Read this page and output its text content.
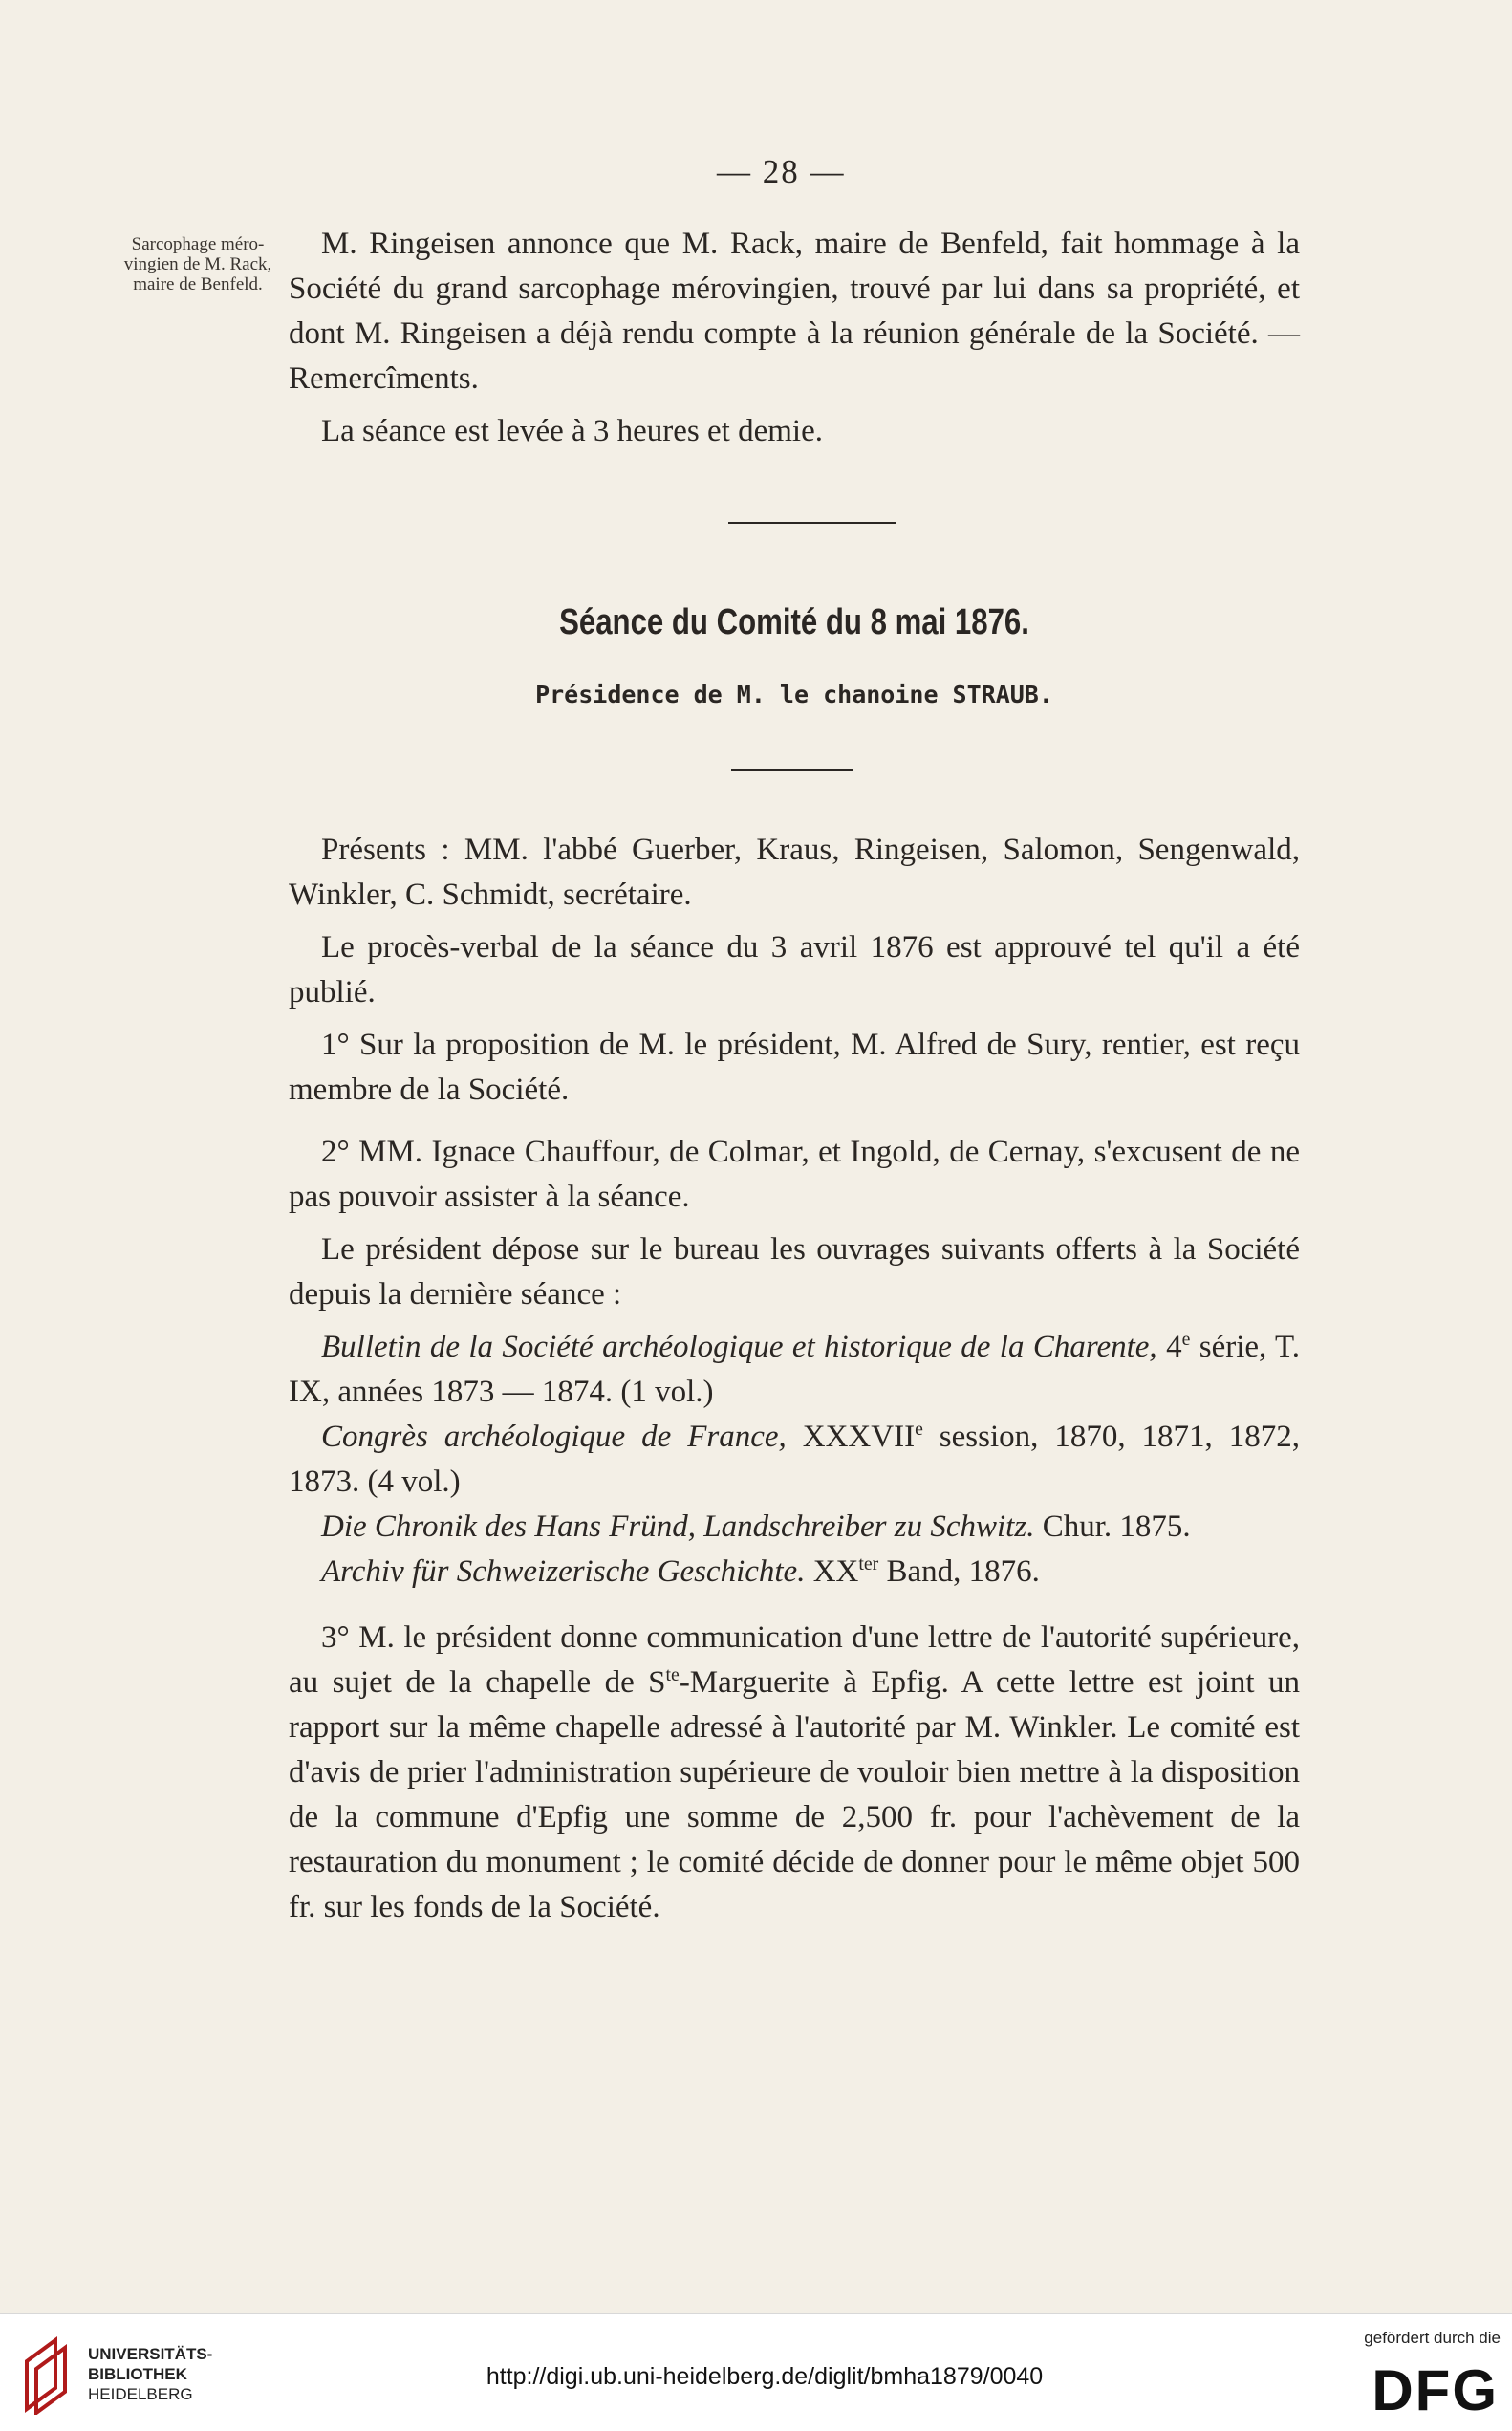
— 28 —
Sarcophage méro-vingien de M. Rack, maire de Benfeld.

M. Ringeisen annonce que M. Rack, maire de Benfeld, fait hommage à la Société du grand sarcophage mérovingien, trouvé par lui dans sa propriété, et dont M. Ringeisen a déjà rendu compte à la réunion générale de la Société. — Remercîments.

La séance est levée à 3 heures et demie.

Séance du Comité du 8 mai 1876.
Présidence de M. le chanoine STRAUB.

Présents : MM. l'abbé Guerber, Kraus, Ringeisen, Salomon, Sengenwald, Winkler, C. Schmidt, secrétaire.

Le procès-verbal de la séance du 3 avril 1876 est approuvé tel qu'il a été publié.

1° Sur la proposition de M. le président, M. Alfred de Sury, rentier, est reçu membre de la Société.

2° MM. Ignace Chauffour, de Colmar, et Ingold, de Cernay, s'excusent de ne pas pouvoir assister à la séance.

Le président dépose sur le bureau les ouvrages suivants offerts à la Société depuis la dernière séance :

Bulletin de la Société archéologique et historique de la Charente, 4e série, T. IX, années 1873 — 1874. (1 vol.)

Congrès archéologique de France, XXXVIIe session, 1870, 1871, 1872, 1873. (4 vol.)

Die Chronik des Hans Fründ, Landschreiber zu Schwitz. Chur. 1875.

Archiv für Schweizerische Geschichte. $XX^{ter}$ Band, 1876.

3° M. le président donne communication d'une lettre de l'autorité supérieure, au sujet de la chapelle de $S^{te}$-Marguerite à Epfig. A cette lettre est joint un rapport sur la même chapelle adressé à l'autorité par M. Winkler. Le comité est d'avis de prier l'administration supérieure de vouloir bien mettre à la disposition de la commune d'Epfig une somme de 2,500 fr. pour l'achèvement de la restauration du monument ; le comité décide de donner pour le même objet 500 fr. sur les fonds de la Société.

UNIVERSITÄTS-
BIBLIOTHEK
HEIDELBERG
http://digi.ub.uni-heidelberg.de/diglit/bmha1879/0040
gefördert durch die
DFG
